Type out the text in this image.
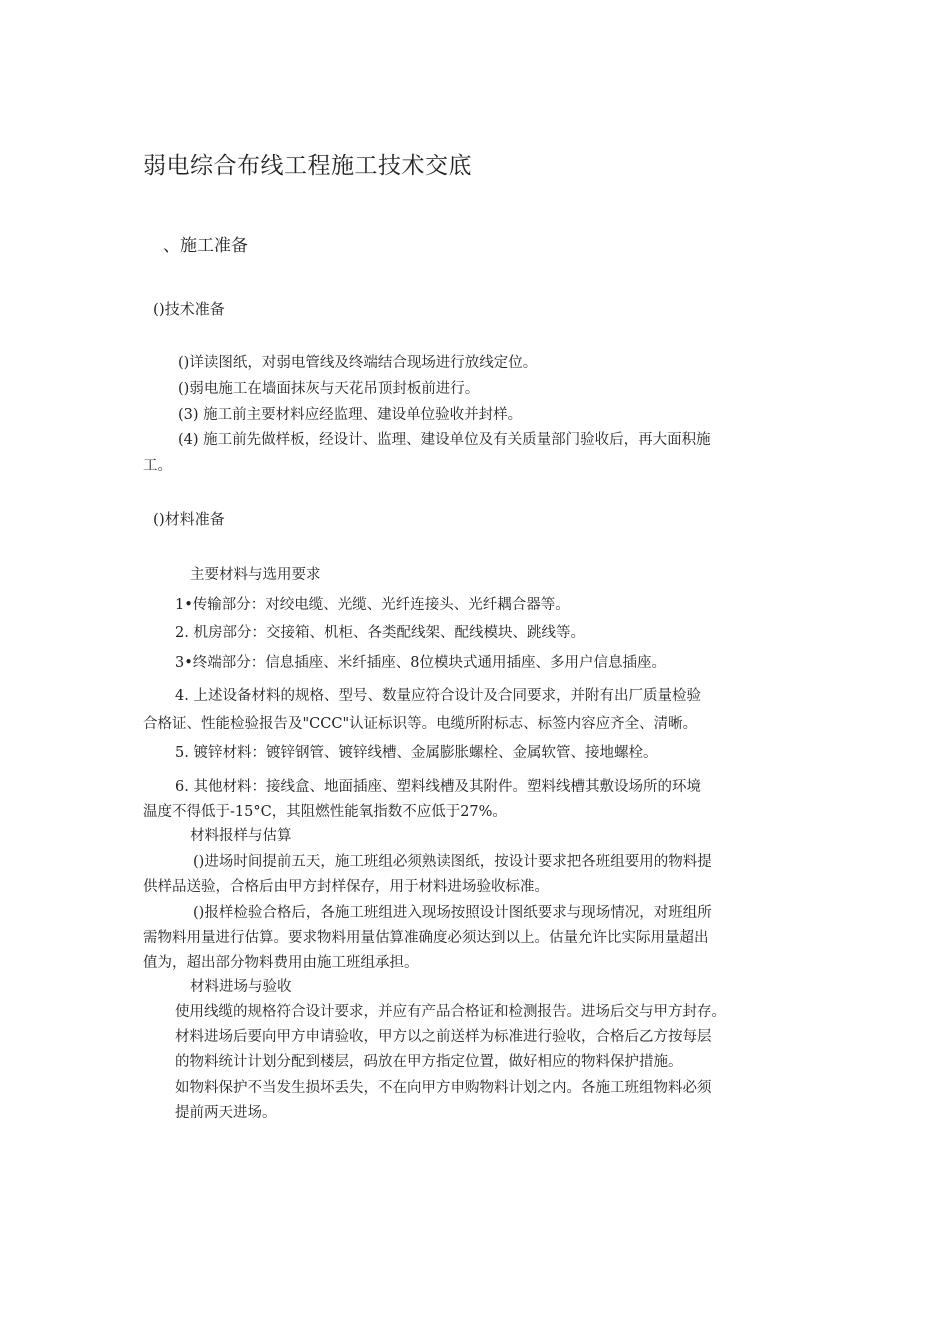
弱电综合布线工程施工技术交底
、施工准备
()技术准备
()详读图纸，对弱电管线及终端结合现场进行放线定位。
()弱电施工在墙面抹灰与天花吊顶封板前进行。
(3) 施工前主要材料应经监理、建设单位验收并封样。
(4) 施工前先做样板，经设计、监理、建设单位及有关质量部门验收后，再大面积施
工。
()材料准备
主要材料与选用要求
1•传输部分：对绞电缆、光缆、光纤连接头、光纤耦合器等。
2. 机房部分：交接箱、机柜、各类配线架、配线模块、跳线等。
3•终端部分：信息插座、米纤插座、8位模块式通用插座、多用户信息插座。
4. 上述设备材料的规格、型号、数量应符合设计及合同要求，并附有出厂质量检验
合格证、性能检验报告及"CCC"认证标识等。电缆所附标志、标签内容应齐全、清晰。
5. 镀锌材料：镀锌钢管、镀锌线槽、金属膨胀螺栓、金属软管、接地螺栓。
6. 其他材料：接线盒、地面插座、塑料线槽及其附件。塑料线槽其敷设场所的环境
温度不得低于-15°C，其阻燃性能氧指数不应低于27%。
材料报样与估算
()进场时间提前五天，施工班组必须熟读图纸，按设计要求把各班组要用的物料提
供样品送验，合格后由甲方封样保存，用于材料进场验收标准。
()报样检验合格后，各施工班组进入现场按照设计图纸要求与现场情况，对班组所
需物料用量进行估算。要求物料用量估算准确度必须达到以上。估量允许比实际用量超出
值为，超出部分物料费用由施工班组承担。
材料进场与验收
使用线缆的规格符合设计要求，并应有产品合格证和检测报告。进场后交与甲方封存。
材料进场后要向甲方申请验收，甲方以之前送样为标准进行验收，合格后乙方按每层
的物料统计计划分配到楼层，码放在甲方指定位置，做好相应的物料保护措施。
如物料保护不当发生损坏丢失，不在向甲方申购物料计划之内。各施工班组物料必须
提前两天进场。
